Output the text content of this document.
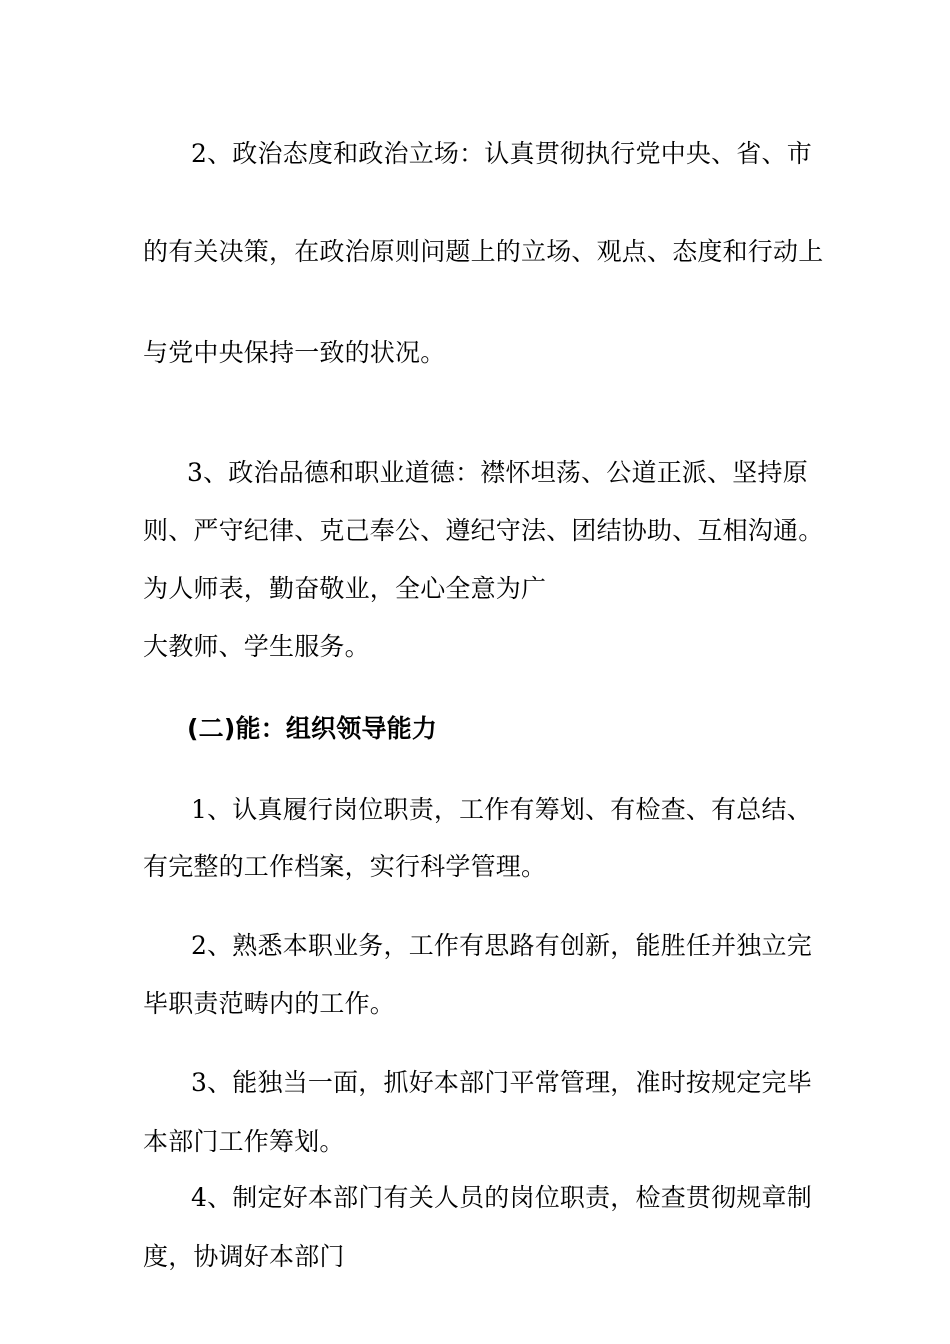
2、政治态度和政治立场：认真贯彻执行党中央、省、市
的有关决策，在政治原则问题上的立场、观点、态度和行动上
与党中央保持一致的状况。
3、政治品德和职业道德：襟怀坦荡、公道正派、坚持原
则、严守纪律、克己奉公、遵纪守法、团结协助、互相沟通。
为人师表，勤奋敬业，全心全意为广
大教师、学生服务。
(二)能：组织领导能力
1、认真履行岗位职责，工作有筹划、有检查、有总结、
有完整的工作档案，实行科学管理。
2、熟悉本职业务，工作有思路有创新，能胜任并独立完
毕职责范畴内的工作。
3、能独当一面，抓好本部门平常管理，准时按规定完毕
本部门工作筹划。
4、制定好本部门有关人员的岗位职责，检查贯彻规章制
度，协调好本部门
